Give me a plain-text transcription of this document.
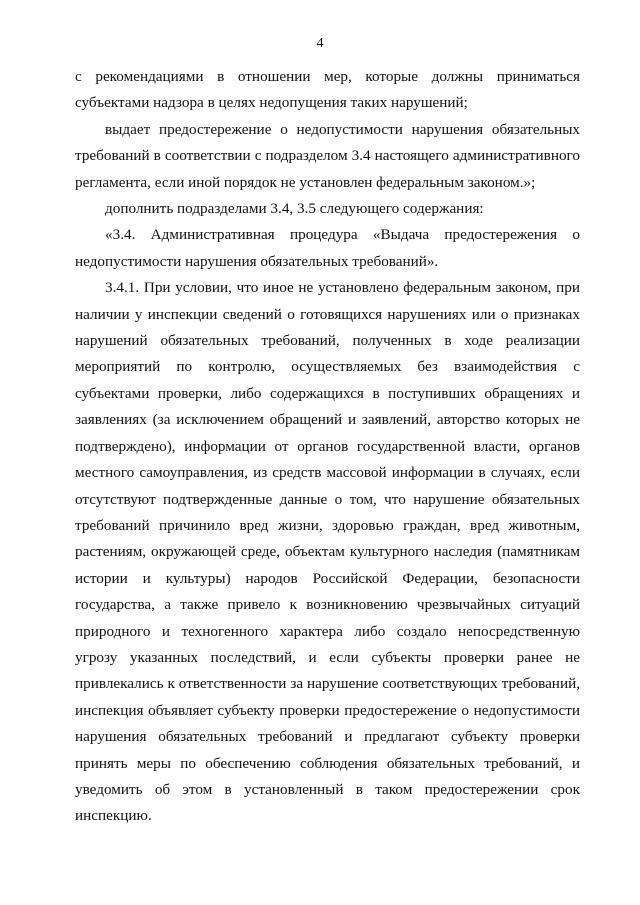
4

с рекомендациями в отношении мер, которые должны приниматься субъектами надзора в целях недопущения таких нарушений;

выдает предостережение о недопустимости нарушения обязательных требований в соответствии с подразделом 3.4 настоящего административного регламента, если иной порядок не установлен федеральным законом.»;

дополнить подразделами 3.4, 3.5 следующего содержания:

«3.4. Административная процедура «Выдача предостережения о недопустимости нарушения обязательных требований».

3.4.1. При условии, что иное не установлено федеральным законом, при наличии у инспекции сведений о готовящихся нарушениях или о признаках нарушений обязательных требований, полученных в ходе реализации мероприятий по контролю, осуществляемых без взаимодействия с субъектами проверки, либо содержащихся в поступивших обращениях и заявлениях (за исключением обращений и заявлений, авторство которых не подтверждено), информации от органов государственной власти, органов местного самоуправления, из средств массовой информации в случаях, если отсутствуют подтвержденные данные о том, что нарушение обязательных требований причинило вред жизни, здоровью граждан, вред животным, растениям, окружающей среде, объектам культурного наследия (памятникам истории и культуры) народов Российской Федерации, безопасности государства, а также привело к возникновению чрезвычайных ситуаций природного и техногенного характера либо создало непосредственную угрозу указанных последствий, и если субъекты проверки ранее не привлекались к ответственности за нарушение соответствующих требований, инспекция объявляет субъекту проверки предостережение о недопустимости нарушения обязательных требований и предлагают субъекту проверки принять меры по обеспечению соблюдения обязательных требований, и уведомить об этом в установленный в таком предостережении срок инспекцию.
